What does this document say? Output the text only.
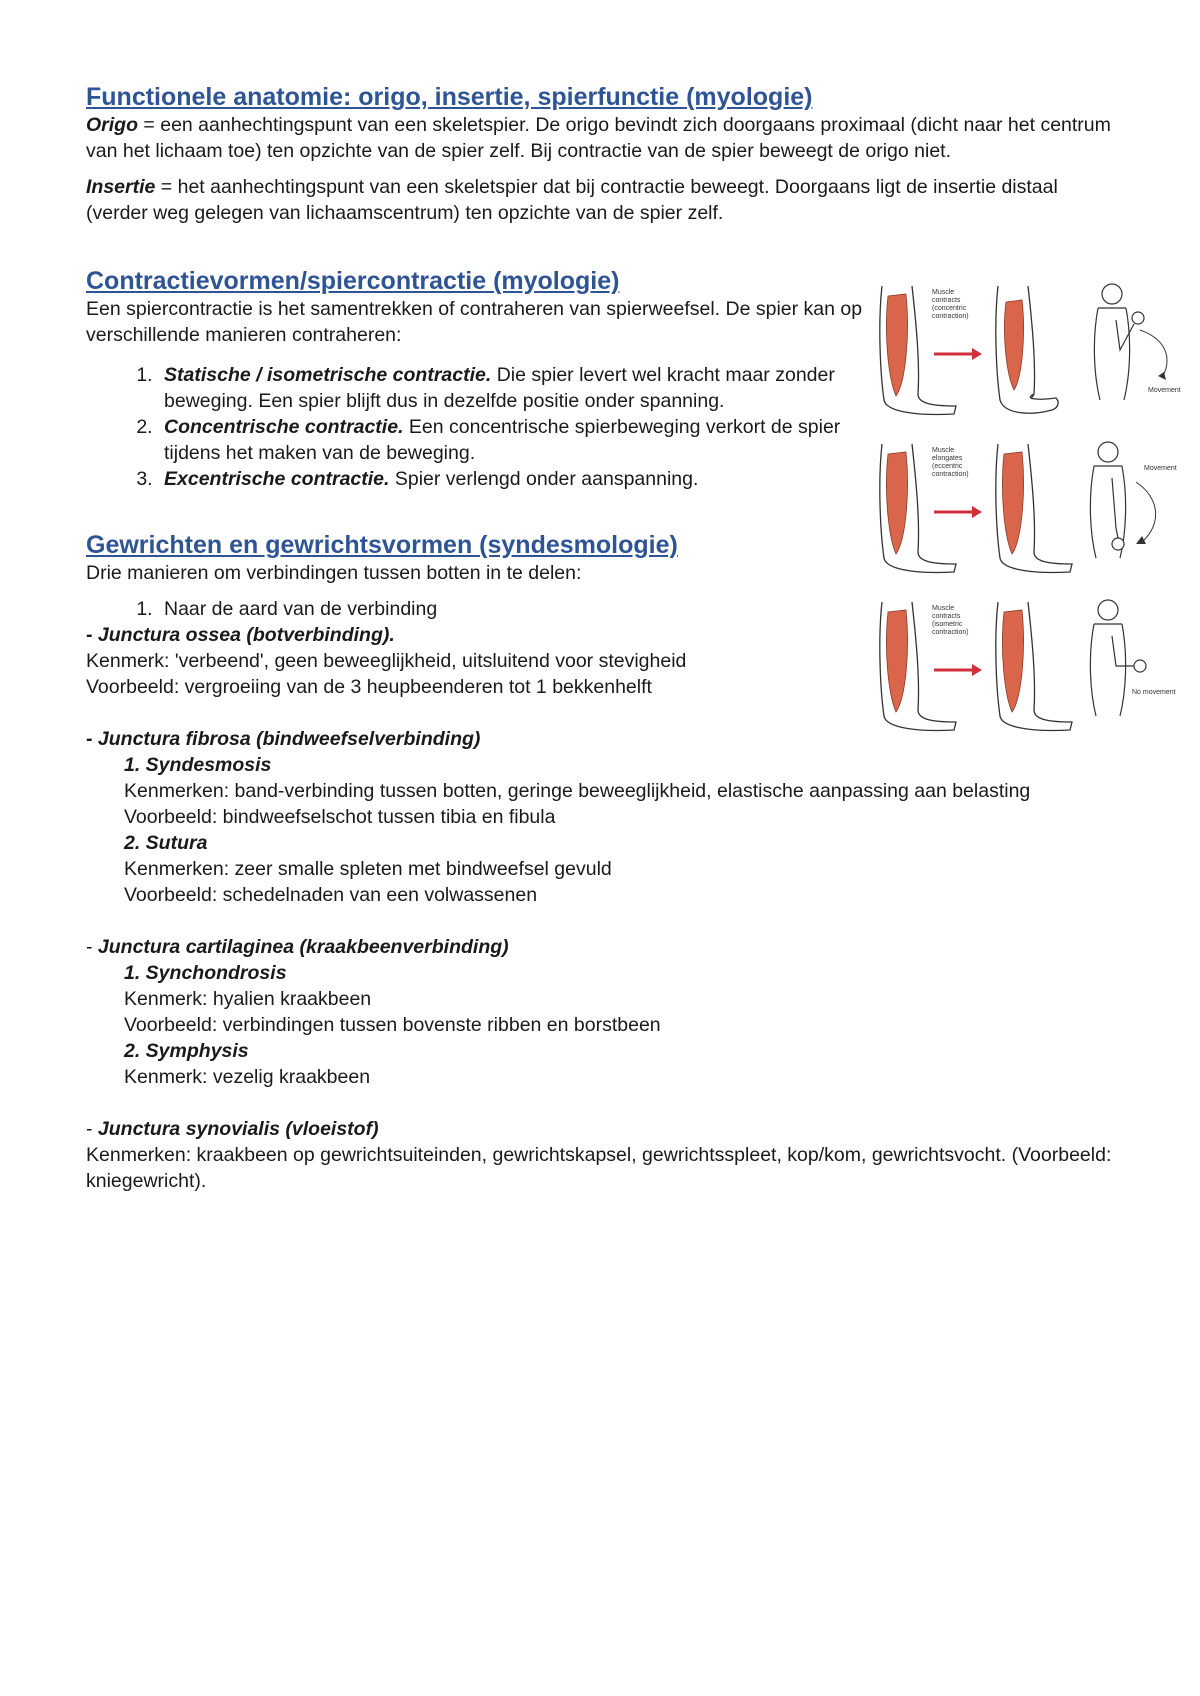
Functionele anatomie: origo, insertie, spierfunctie (myologie)

Origo = een aanhechtingspunt van een skeletspier. De origo bevindt zich doorgaans proximaal (dicht naar het centrum van het lichaam toe) ten opzichte van de spier zelf. Bij contractie van de spier beweegt de origo niet.

Insertie = het aanhechtingspunt van een skeletspier dat bij contractie beweegt. Doorgaans ligt de insertie distaal (verder weg gelegen van lichaamscentrum) ten opzichte van de spier zelf.

Contractievormen/spiercontractie (myologie)

Een spiercontractie is het samentrekken of contraheren van spierweefsel. De spier kan op verschillende manieren contraheren:

1. Statische / isometrische contractie. Die spier levert wel kracht maar zonder beweging. Een spier blijft dus in dezelfde positie onder spanning.
2. Concentrische contractie. Een concentrische spierbeweging verkort de spier tijdens het maken van de beweging.
3. Excentrische contractie. Spier verlengd onder aanspanning.
Gewrichten en gewrichtsvormen (syndesmologie)

Drie manieren om verbindingen tussen botten in te delen:

1. Naar de aard van de verbinding

- Junctura ossea (botverbinding).

Kenmerk: 'verbeend', geen beweeglijkheid, uitsluitend voor stevigheid

Voorbeeld: vergroeiing van de 3 heupbeenderen tot 1 bekkenhelft

- Junctura fibrosa (bindweefselverbinding)

1. Syndesmosis

Kenmerken: band-verbinding tussen botten, geringe beweeglijkheid, elastische aanpassing aan belasting

Voorbeeld: bindweefselschot tussen tibia en fibula

2. Sutura

Kenmerken: zeer smalle spleten met bindweefsel gevuld

Voorbeeld: schedelnaden van een volwassenen

- Junctura cartilaginea (kraakbeenverbinding)

1. Synchondrosis

Kenmerk: hyalien kraakbeen

Voorbeeld: verbindingen tussen bovenste ribben en borstbeen

2. Symphysis

Kenmerk: vezelig kraakbeen

- Junctura synovialis (vloeistof)

Kenmerken: kraakbeen op gewrichtsuiteinden, gewrichtskapsel, gewrichtsspleet, kop/kom, gewrichtsvocht. (Voorbeeld: kniegewricht).

Muscle
contracts
(concentric
contraction)
Movement
Muscle
elongates
(eccentric
contraction)
Movement
Muscle
contracts
(isometric
contraction)
No movement
